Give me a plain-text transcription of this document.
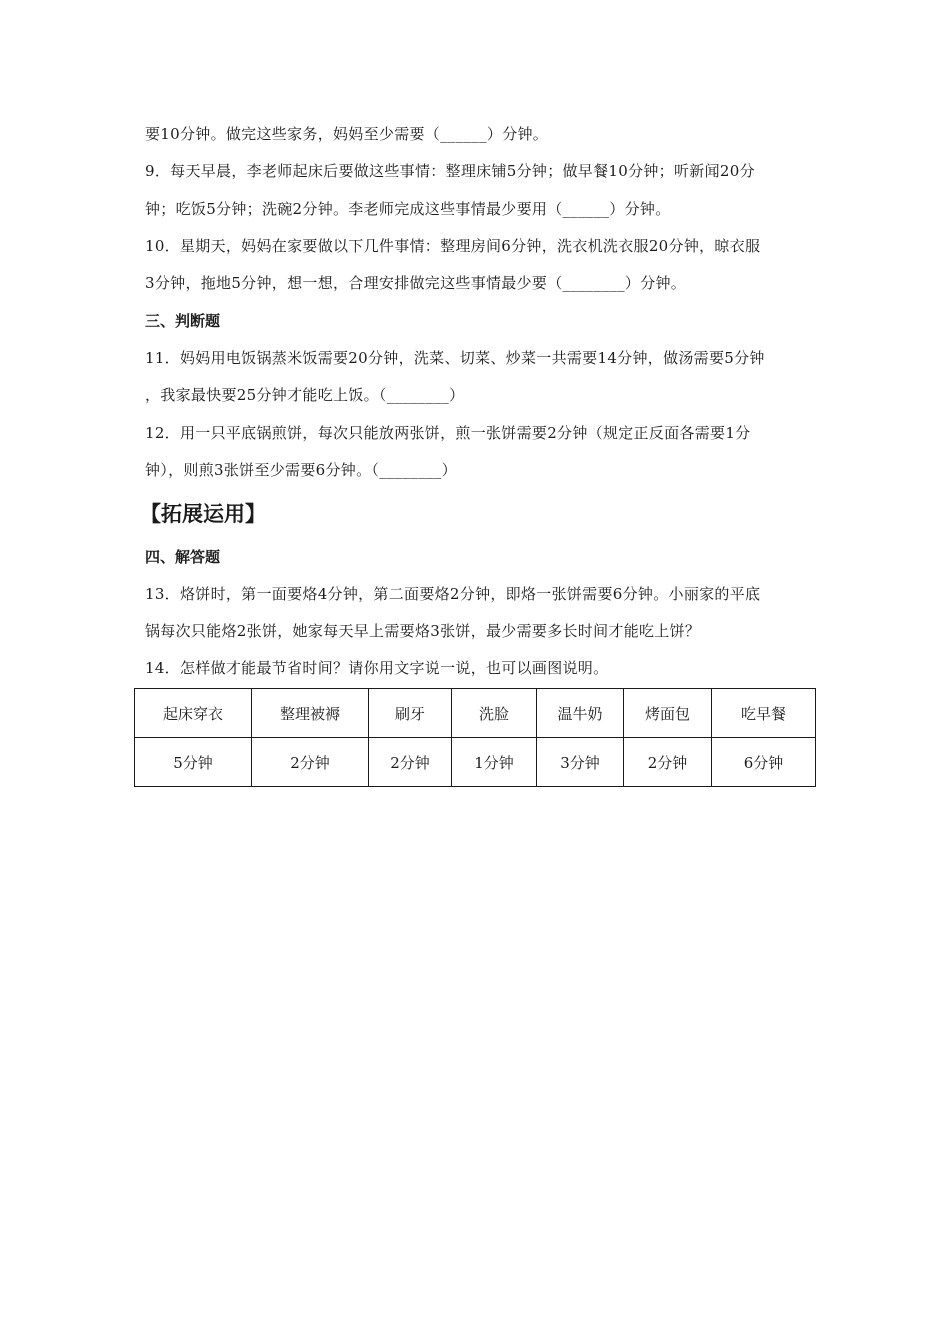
要10分钟。做完这些家务，妈妈至少需要（______）分钟。
9．每天早晨，李老师起床后要做这些事情：整理床铺5分钟；做早餐10分钟；听新闻20分
钟；吃饭5分钟；洗碗2分钟。李老师完成这些事情最少要用（______）分钟。
10．星期天，妈妈在家要做以下几件事情：整理房间6分钟，洗衣机洗衣服20分钟，晾衣服
3分钟，拖地5分钟，想一想，合理安排做完这些事情最少要（________）分钟。
三、判断题
11．妈妈用电饭锅蒸米饭需要20分钟，洗菜、切菜、炒菜一共需要14分钟，做汤需要5分钟
，我家最快要25分钟才能吃上饭。（________）
12．用一只平底锅煎饼，每次只能放两张饼，煎一张饼需要2分钟（规定正反面各需要1分
钟），则煎3张饼至少需要6分钟。（________）
【拓展运用】
四、解答题
13．烙饼时，第一面要烙4分钟，第二面要烙2分钟，即烙一张饼需要6分钟。小丽家的平底
锅每次只能烙2张饼，她家每天早上需要烙3张饼，最少需要多长时间才能吃上饼？
14．怎样做才能最节省时间？请你用文字说一说，也可以画图说明。
起床穿衣	整理被褥	刷牙	洗脸	温牛奶	烤面包	吃早餐
5分钟	2分钟	2分钟	1分钟	3分钟	2分钟	6分钟
